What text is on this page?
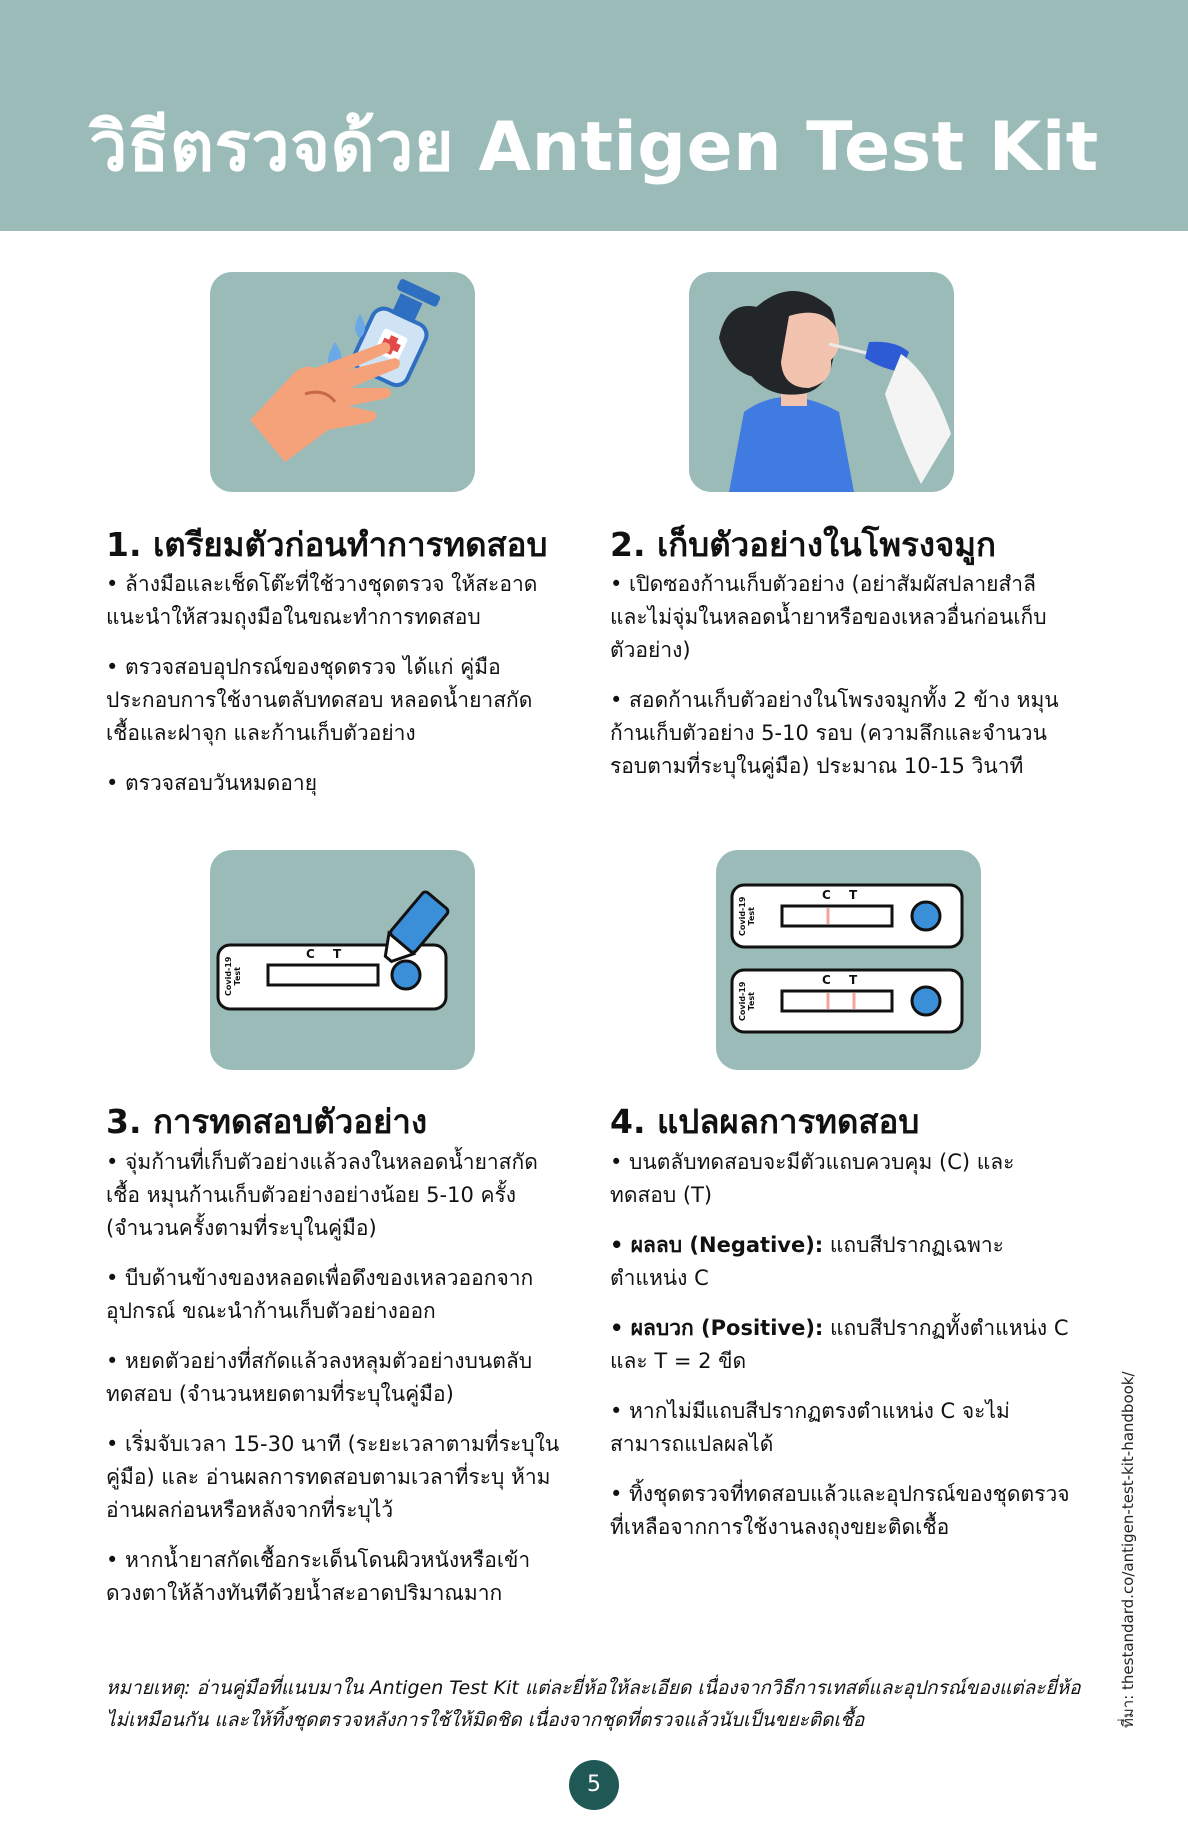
วิธีตรวจด้วย Antigen Test Kit
C T
Covid-19 Test
C T
C T
Covid-19 Test
Covid-19 Test
1. เตรียมตัวก่อนทำการทดสอบ
• ล้างมือและเช็ดโต๊ะที่ใช้วางชุดตรวจ ให้สะอาด แนะนำให้สวมถุงมือในขณะทำการทดสอบ
• ตรวจสอบอุปกรณ์ของชุดตรวจ ได้แก่ คู่มือ ประกอบการใช้งานตลับทดสอบ หลอดน้ำยาสกัดเชื้อและฝาจุก และก้านเก็บตัวอย่าง
• ตรวจสอบวันหมดอายุ
2. เก็บตัวอย่างในโพรงจมูก
• เปิดซองก้านเก็บตัวอย่าง (อย่าสัมผัสปลายสำลีและไม่จุ่มในหลอดน้ำยาหรือของเหลวอื่นก่อนเก็บตัวอย่าง)
• สอดก้านเก็บตัวอย่างในโพรงจมูกทั้ง 2 ข้าง หมุนก้านเก็บตัวอย่าง 5-10 รอบ (ความลึกและจำนวนรอบตามที่ระบุในคู่มือ) ประมาณ 10-15 วินาที
3. การทดสอบตัวอย่าง
• จุ่มก้านที่เก็บตัวอย่างแล้วลงในหลอดน้ำยาสกัดเชื้อ หมุนก้านเก็บตัวอย่างอย่างน้อย 5-10 ครั้ง (จำนวนครั้งตามที่ระบุในคู่มือ)
• บีบด้านข้างของหลอดเพื่อดึงของเหลวออกจากอุปกรณ์ ขณะนำก้านเก็บตัวอย่างออก
• หยดตัวอย่างที่สกัดแล้วลงหลุมตัวอย่างบนตลับทดสอบ (จำนวนหยดตามที่ระบุในคู่มือ)
• เริ่มจับเวลา 15-30 นาที (ระยะเวลาตามที่ระบุในคู่มือ) และ อ่านผลการทดสอบตามเวลาที่ระบุ ห้ามอ่านผลก่อนหรือหลังจากที่ระบุไว้
• หากน้ำยาสกัดเชื้อกระเด็นโดนผิวหนังหรือเข้าดวงตาให้ล้างทันทีด้วยน้ำสะอาดปริมาณมาก
4. แปลผลการทดสอบ
• บนตลับทดสอบจะมีตัวแถบควบคุม (C) และทดสอบ (T)
• ผลลบ (Negative): แถบสีปรากฏเฉพาะตำแหน่ง C
• ผลบวก (Positive): แถบสีปรากฏทั้งตำแหน่ง C และ T = 2 ขีด
• หากไม่มีแถบสีปรากฏตรงตำแหน่ง C จะไม่สามารถแปลผลได้
• ทิ้งชุดตรวจที่ทดสอบแล้วและอุปกรณ์ของชุดตรวจที่เหลือจากการใช้งานลงถุงขยะติดเชื้อ
หมายเหตุ: อ่านคู่มือที่แนบมาใน Antigen Test Kit แต่ละยี่ห้อให้ละเอียด เนื่องจากวิธีการเทสต์และอุปกรณ์ของแต่ละยี่ห้อไม่เหมือนกัน และให้ทิ้งชุดตรวจหลังการใช้ให้มิดชิด เนื่องจากชุดที่ตรวจแล้วนับเป็นขยะติดเชื้อ	ที่มา: thestandard.co/antigen-test-kit-handbook/
5
